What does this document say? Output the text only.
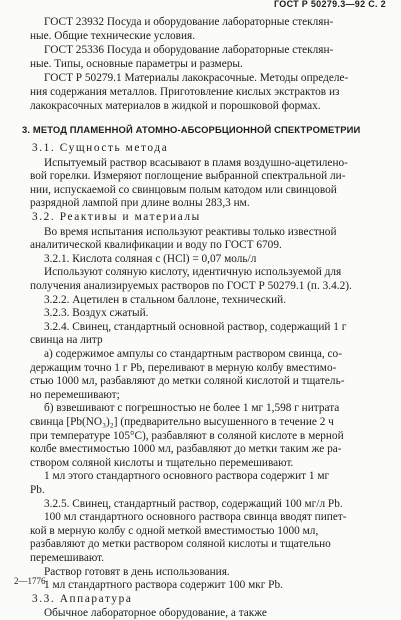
ГОСТ Р 50279.3—92 С. 2
3. МЕТОД ПЛАМЕННОЙ АТОМНО-АБСОРБЦИОННОЙ СПЕКТРОМЕТРИИ
ГОСТ 23932 Посуда и оборудование лабораторные стеклян-
ные. Общие технические условия.
ГОСТ 25336 Посуда и оборудование лабораторные стеклян-
ные. Типы, основные параметры и размеры.
ГОСТ Р 50279.1 Материалы лакокрасочные. Методы определе-
ния содержания металлов. Приготовление кислых экстрактов из
лакокрасочных материалов в жидкой и порошковой формах.
3.1. Сущность метода
Испытуемый раствор всасывают в пламя воздушно-ацетилено-
вой горелки. Измеряют поглощение выбранной спектральной ли-
нии, испускаемой со свинцовым полым катодом или свинцовой
разрядной лампой при длине волны 283,3 нм.
3.2. Реактивы и материалы
Во время испытания используют реактивы только известной
аналитической квалификации и воду по ГОСТ 6709.
3.2.1. Кислота соляная с (HCl) = 0,07 моль/л
Используют соляную кислоту, идентичную используемой для
получения анализируемых растворов по ГОСТ Р 50279.1 (п. 3.4.2).
3.2.2. Ацетилен в стальном баллоне, технический.
3.2.3. Воздух сжатый.
3.2.4. Свинец, стандартный основной раствор, содержащий 1 г
свинца на литр
а) содержимое ампулы со стандартным раствором свинца, со-
держащим точно 1 г Pb, переливают в мерную колбу вместимо-
стью 1000 мл, разбавляют до метки соляной кислотой и тщатель-
но перемешивают;
б) взвешивают с погрешностью не более 1 мг 1,598 г нитрата
свинца [Pb(NO₃)₂] (предварительно высушенного в течение 2 ч
при температуре 105°C), разбавляют в соляной кислоте в мерной
колбе вместимостью 1000 мл, разбавляют до метки таким же ра-
створом соляной кислоты и тщательно перемешивают.
1 мл этого стандартного основного раствора содержит 1 мг
Pb.
3.2.5. Свинец, стандартный раствор, содержащий 100 мг/л Pb.
100 мл стандартного основного раствора свинца вводят пипет-
кой в мерную колбу с одной меткой вместимостью 1000 мл,
разбавляют до метки раствором соляной кислоты и тщательно
перемешивают.
Раствор готовят в день использования.
1 мл стандартного раствора содержит 100 мкг Pb.
3.3. Аппаратура
Обычное лабораторное оборудование, а также
2—1776
